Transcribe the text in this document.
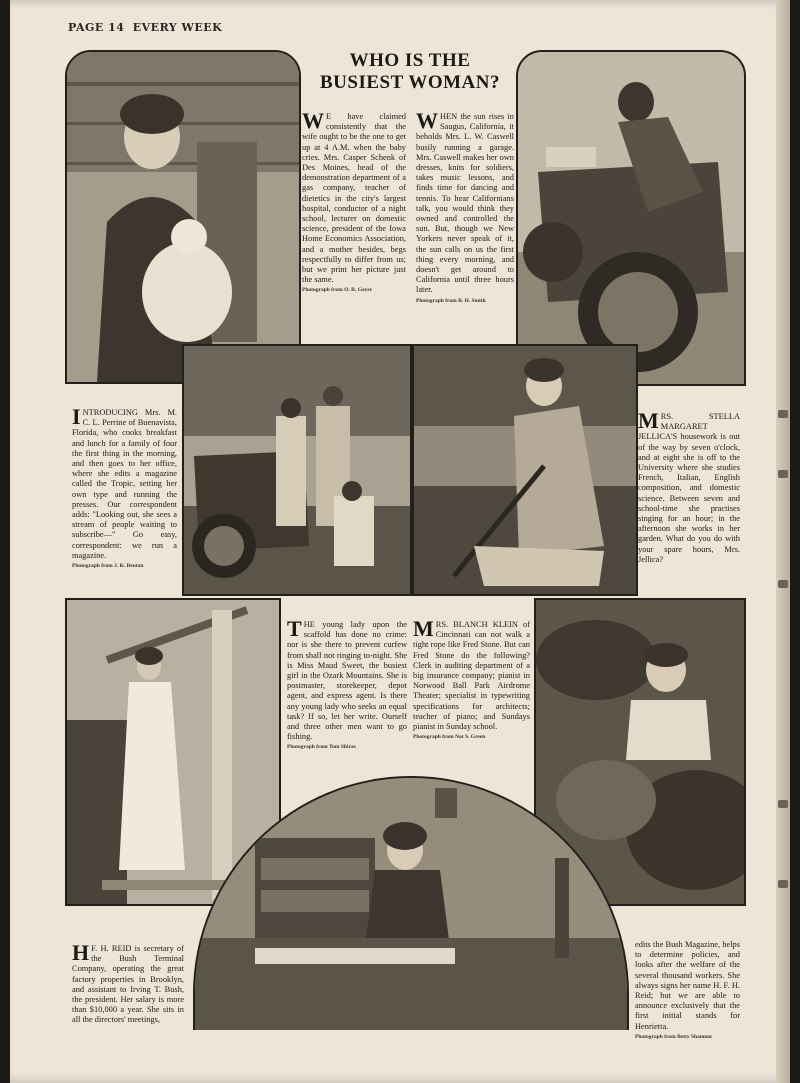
PAGE 14 EVERY WEEK
WHO IS THE
BUSIEST WOMAN?

W E have claimed consistently that the wife ought to be the one to get up at 4 A.M. when the baby cries. Mrs. Casper Schenk of Des Moines, head of the demonstration department of a gas company, teacher of dietetics in the city's largest hospital, conductor of a night school, lecturer on domestic science, president of the Iowa Home Economics Association, and a mother besides, begs respectfully to differ from us; but we print her picture just the same.

Photograph from O. R. Geyer

WHEN the sun rises in Saugus, California, it beholds Mrs. L. W. Caswell busily running a garage. Mrs. Caswell makes her own dresses, knits for soldiers, takes music lessons, and finds time for dancing and tennis. To hear Californians talk, you would think they owned and controlled the sun. But, though we New Yorkers never speak of it, the sun calls on us the first thing every morning, and doesn't get around to California until three hours later.

Photograph from B. H. Smith

INTRODUCING Mrs. M. C. L. Perrine of Buenavista, Florida, who cooks breakfast and lunch for a family of four the first thing in the morning, and then goes to her office, where she edits a magazine called the Tropic, setting her own type and running the presses. Our correspondent adds: "Looking out, she sees a stream of people waiting to subscribe—" Go easy, correspondent: we run a magazine.

Photograph from J. K. Benton

MRS. STELLA MARGARET JELLICA'S housework is out of the way by seven o'clock, and at eight she is off to the University where she studies French, Italian, English composition, and domestic science. Between seven and school-time she practises singing for an hour; in the afternoon she works in her garden. What do you do with your spare hours, Mrs. Jellica?

THE young lady upon the scaffold has done no crime: nor is she there to prevent curfew from shall not ringing to-night. She is Miss Maud Sweet, the busiest girl in the Ozark Mountains. She is postmaster, storekeeper, depot agent, and express agent. Is there any young lady who seeks an equal task? If so, let her write. Ourself and three other men want to go fishing.

Photograph from Tom Shiras

MRS. BLANCH KLEIN of Cincinnati can not walk a tight rope like Fred Stone. But can Fred Stone do the following? Clerk in auditing department of a big insurance company; pianist in Norwood Ball Park Airdrome Theater; specialist in typewriting specifications for architects; teacher of piano; and Sundays pianist in Sunday school.

Photograph from Nat S. Green

H F. H. REID is secretary of the Bush Terminal Company, operating the great factory properties in Brooklyn, and assistant to Irving T. Bush, the president. Her salary is more than $10,000 a year. She sits in all the directors' meetings,

edits the Bush Magazine, helps to determine policies, and looks after the welfare of the several thousand workers. She always signs her name H. F. H. Reid; but we are able to announce exclusively that the first initial stands for Henrietta.

Photograph from Betty Shannon
